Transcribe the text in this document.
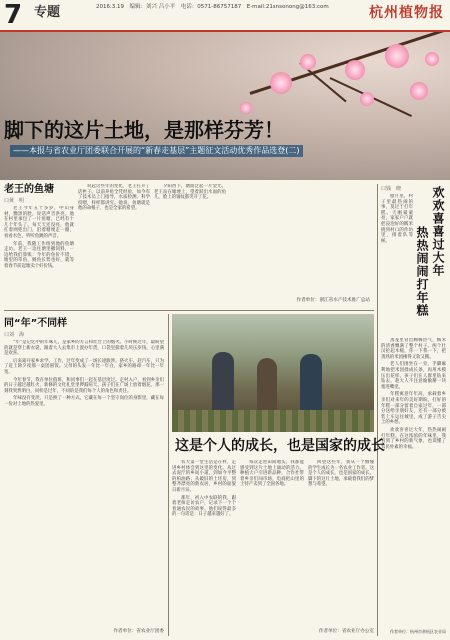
7 专题	2016.3.19　编辑：刘兴 吕小平　电话：0571-86757187　E-mail:21snsonong@163.com	杭州植物报
脚下的这片土地，是那样芬芳！
——本报与省农业厅团委联合开展的“新春走基层”主题征文活动优秀作品选登(二)
老王的鱼塘
口黄　明

老王今年五十多岁，中山身材，黝黑的脸，说话声音洪亮。他在村里承包了一片鱼塘，已经有十几个年头了。每天天还没亮，他就扛着网兜出门，沿着塘埂走一圈，看看水色，听听鱼跳的声音。

年前，我随工作组到他的鱼塘走访。老王一边往塘里撒饲料，一边给我们算账：今年的鱼价不错，塘里的草鱼、鲢鱼长势也好，就等着春节前起塘卖个好价钱。

说起这些年的变化，老王打开了话匣子。以前养鱼全凭经验，如今有了技术员上门指导，水质检测、科学投喂，样样都讲究。他说，鱼塘就是他的命根子，也是全家的希望。

夕阳西下，塘面泛起一片金光。老王站在塘埂上，望着跃出水面的鱼儿，脸上的皱纹都笑开了花。

作者单位：浙江省水产技术推广总站
同“年”不同样
口刘　海

“年”是记忆中的年味儿，是家乡的方言和灶台上的烟火。小时候过年，最盼望的就是穿上新衣裳，跟着大人去集市上置办年货，口袋里揣着几块压岁钱，心里满是欢喜。

后来离开家乡求学、工作，过年变成了一场长途跋涉。挤火车、赶汽车，只为了赶上除夕夜那一桌团圆饭。父母的头发一年比一年白，家乡的路却一年比一年宽。

今年春节，我在单位值班，和同事们一起在基层度过。走村入户，看到乡亲们的日子越过越红火，新修的文化礼堂里锣鼓喧天，孩子们在广场上放着烟花。那一刻我突然明白，同样是过年，不同的是我们每个人的角色和责任。

年味没有变淡，只是换了一种方式。它藏在每一个坚守岗位的身影里，藏在每一份对土地的热爱里。

作者单位：省农业厅团委
这是个人的成长，也是国家的成长

农大第一堂生活是在村，走进乡村体会到这里的变化。从过去泥泞的乡间小道，到如今平整的柏油路；从破旧的土坯房，到整齐漂亮的新农居，乡村的面貌日新月异。

那年，初入中农联的我，跟着老师走访农户，记录下一个个普通农民的故事。他们说得最多的一句话是：日子越来越好了。

每次走进田间地头，我都能感受到这片土地上涌动的活力。种植大户引进新品种，合作社带着乡亲们闯市场，电商把山里的土特产卖到了全国各地。

回望这些年，我从一个懵懂的学生成长为一名农业工作者。这是个人的成长，也是国家的成长。脚下的这片土地，承载着我们的梦想与希望。

作者单位：省农业厅办公室
欢欢喜喜过大年
热热闹闹打年糕
口钱　晓

腊月里，村子里最热闹的事，莫过于打年糕。天刚蒙蒙亮，家家户户就把浸泡好的糯米挑到村口的作坊里，排着队等候。

蒸笼里冒出腾腾热气，糯米的清香飘满了整个村子。两个壮汉抡起木槌，你一下我一下，把蒸熟的米团捶得又软又糯。

老人们围坐在一旁，手脚麻利地把米团揉成长条，再用木模压出花样。孩子们在人群里钻来钻去，趁大人不注意偷偷掰一块塞进嘴里。

年糕寓意年年高，承载着乡亲们对来年的美好期盼。打好的年糕一部分留着自家过年，一部分送给亲朋好友，还有一部分被装上车运往城里，成了游子舌尖上的乡愁。

欢欢喜喜过大年，热热闹闹打年糕。在这浓浓的年味里，我看到了乡村的新气象，也读懂了农民朴素的幸福。

作者单位：杭州市余杭区农业局
